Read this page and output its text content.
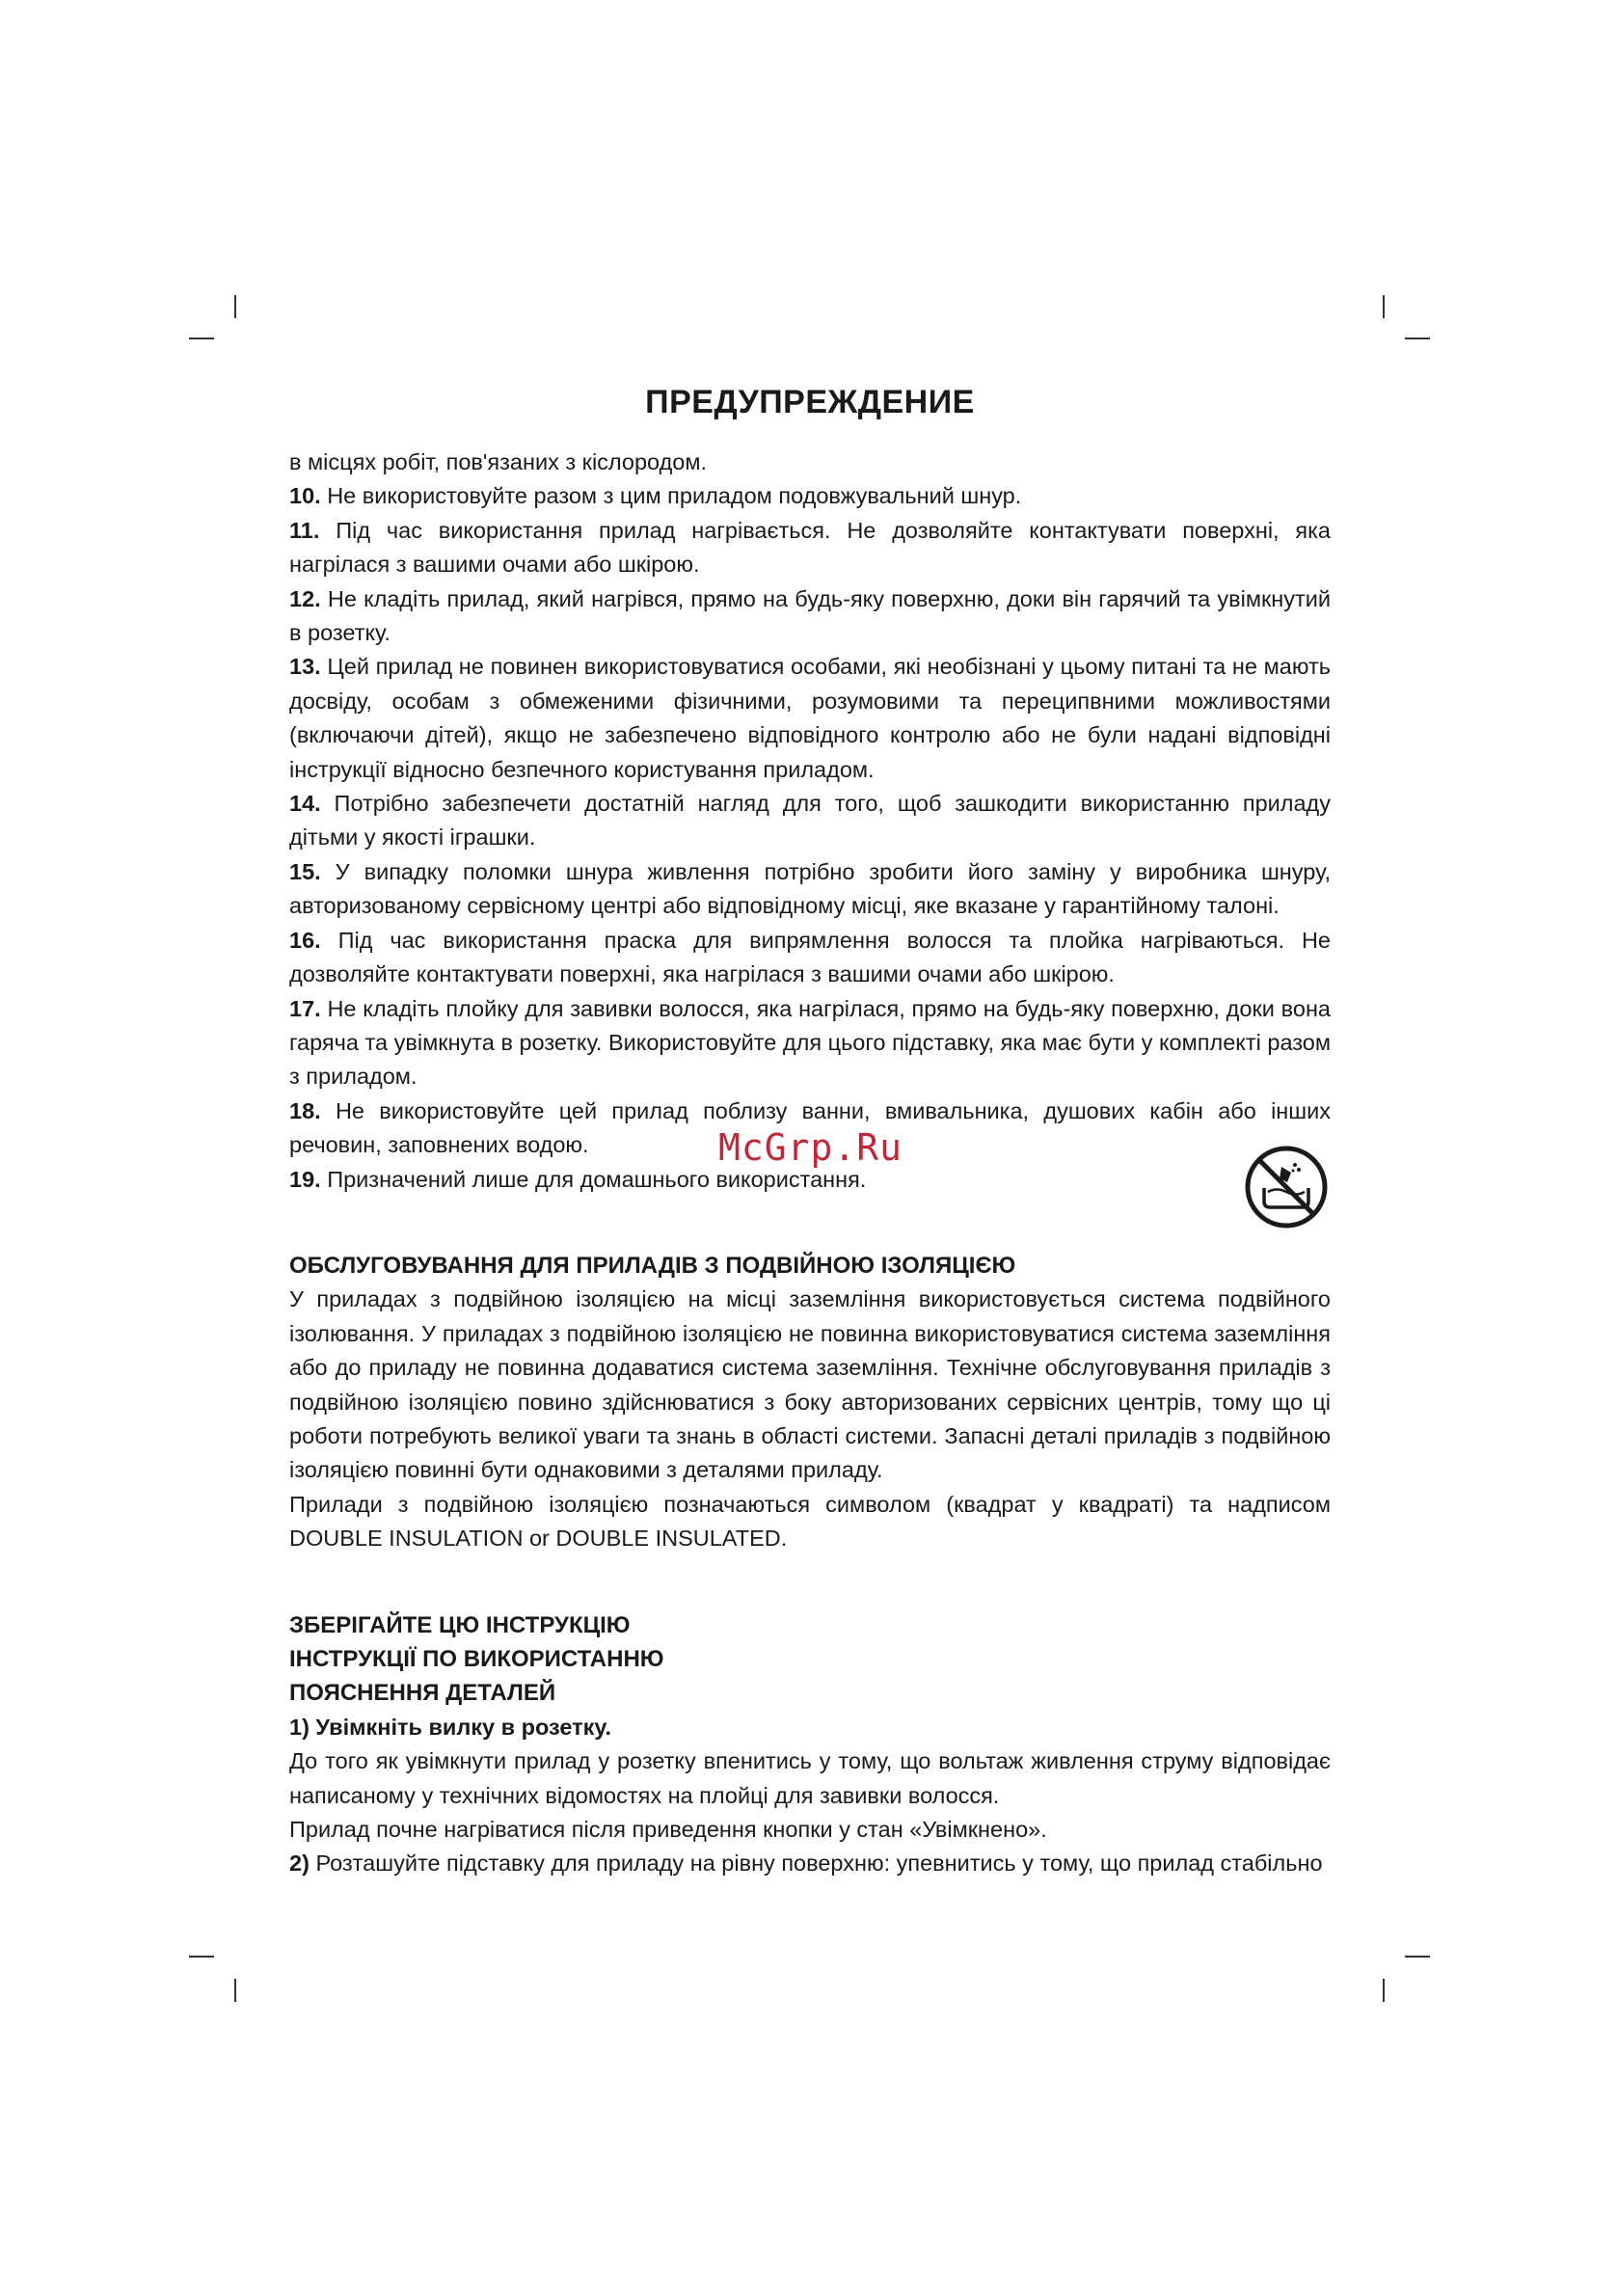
ПРЕДУПРЕЖДЕНИЕ

в місцях робіт, пов'язаних з кіслородом.

10. Не використовуйте разом з цим приладом подовжувальний шнур.

11. Під час використання прилад нагрівається. Не дозволяйте контактувати поверхні, яка нагрілася з вашими очами або шкірою.

12. Не кладіть прилад, який нагрівся, прямо на будь-яку поверхню, доки він гарячий та увімкнутий в розетку.

13. Цей прилад не повинен використовуватися особами, які необізнані у цьому питані та не мають досвіду, особам з обмеженими фізичними, розумовими та переципвними можливостями (включаючи дітей), якщо не забезпечено відповідного контролю або не були надані відповідні інструкції відносно безпечного користування приладом.

14. Потрібно забезпечети достатній нагляд для того, щоб зашкодити використанню приладу дітьми у якості іграшки.

15. У випадку поломки шнура живлення потрібно зробити його заміну у виробника шнуру, авторизованому сервісному центрі або відповідному місці, яке вказане у гарантійному талоні.

16. Під час використання праска для випрямлення волосся та плойка нагріваються. Не дозволяйте контактувати поверхні, яка нагрілася з вашими очами або шкірою.

17. Не кладіть плойку для завивки волосся, яка нагрілася, прямо на будь-яку поверхню, доки вона гаряча та увімкнута в розетку. Використовуйте для цього підставку, яка має бути у комплекті разом з приладом.

18. Не використовуйте цей прилад поблизу ванни, вмивальника, душових кабін або інших речовин, заповнених водою.

19. Призначений лише для домашнього використання.

ОБСЛУГОВУВАННЯ ДЛЯ ПРИЛАДІВ З ПОДВІЙНОЮ ІЗОЛЯЦІЄЮ

У приладах з подвійною ізоляцією на місці заземління використовується система подвійного ізолювання. У приладах з подвійною ізоляцією не повинна використовуватися система заземління або до приладу не повинна додаватися система заземління. Технічне обслуговування приладів з подвійною ізоляцією повино здійснюватися з боку авторизованих сервісних центрів, тому що ці роботи потребують великої уваги та знань в області системи. Запасні деталі приладів з подвійною ізоляцією повинні бути однаковими з деталями приладу.

Прилади з подвійною ізоляцією позначаються символом (квадрат у квадраті) та надписом DOUBLE INSULATION or DOUBLE INSULATED.

ЗБЕРІГАЙТЕ ЦЮ ІНСТРУКЦІЮ

ІНСТРУКЦІЇ ПО ВИКОРИСТАННЮ

ПОЯСНЕННЯ ДЕТАЛЕЙ

1) Увімкніть вилку в розетку.

До того як увімкнути прилад у розетку впенитись у тому, що вольтаж живлення струму відповідає написаному у технічних відомостях на плойці для завивки волосся.

Прилад почне нагріватися після приведення кнопки у стан «Увімкнено».

2) Розташуйте підставку для приладу на рівну поверхню: упевнитись у тому, що прилад стабільно

McGrp.Ru
